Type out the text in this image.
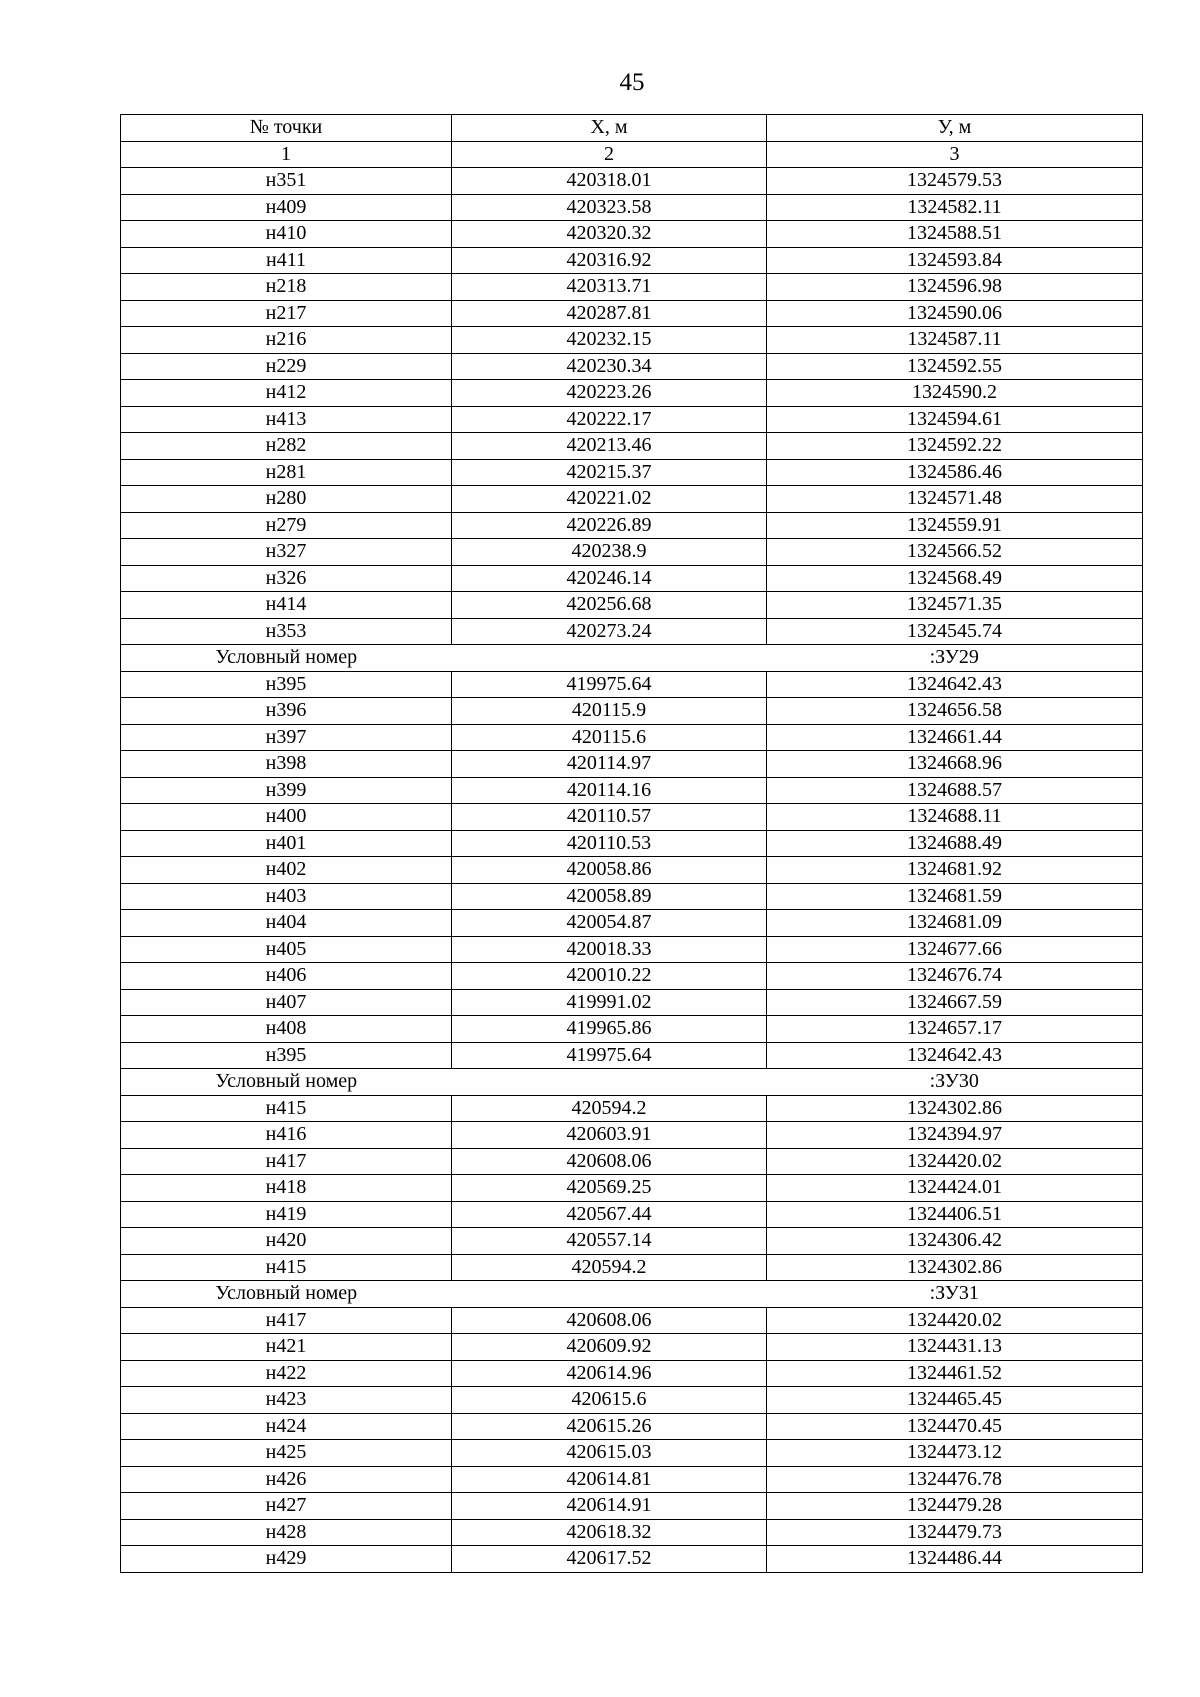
45
№ точки	Х, м	У, м
1	2	3
н351	420318.01	1324579.53
н409	420323.58	1324582.11
н410	420320.32	1324588.51
н411	420316.92	1324593.84
н218	420313.71	1324596.98
н217	420287.81	1324590.06
н216	420232.15	1324587.11
н229	420230.34	1324592.55
н412	420223.26	1324590.2
н413	420222.17	1324594.61
н282	420213.46	1324592.22
н281	420215.37	1324586.46
н280	420221.02	1324571.48
н279	420226.89	1324559.91
н327	420238.9	1324566.52
н326	420246.14	1324568.49
н414	420256.68	1324571.35
н353	420273.24	1324545.74
Условный номер		:ЗУ29
н395	419975.64	1324642.43
н396	420115.9	1324656.58
н397	420115.6	1324661.44
н398	420114.97	1324668.96
н399	420114.16	1324688.57
н400	420110.57	1324688.11
н401	420110.53	1324688.49
н402	420058.86	1324681.92
н403	420058.89	1324681.59
н404	420054.87	1324681.09
н405	420018.33	1324677.66
н406	420010.22	1324676.74
н407	419991.02	1324667.59
н408	419965.86	1324657.17
н395	419975.64	1324642.43
Условный номер		:ЗУ30
н415	420594.2	1324302.86
н416	420603.91	1324394.97
н417	420608.06	1324420.02
н418	420569.25	1324424.01
н419	420567.44	1324406.51
н420	420557.14	1324306.42
н415	420594.2	1324302.86
Условный номер		:ЗУ31
н417	420608.06	1324420.02
н421	420609.92	1324431.13
н422	420614.96	1324461.52
н423	420615.6	1324465.45
н424	420615.26	1324470.45
н425	420615.03	1324473.12
н426	420614.81	1324476.78
н427	420614.91	1324479.28
н428	420618.32	1324479.73
н429	420617.52	1324486.44
